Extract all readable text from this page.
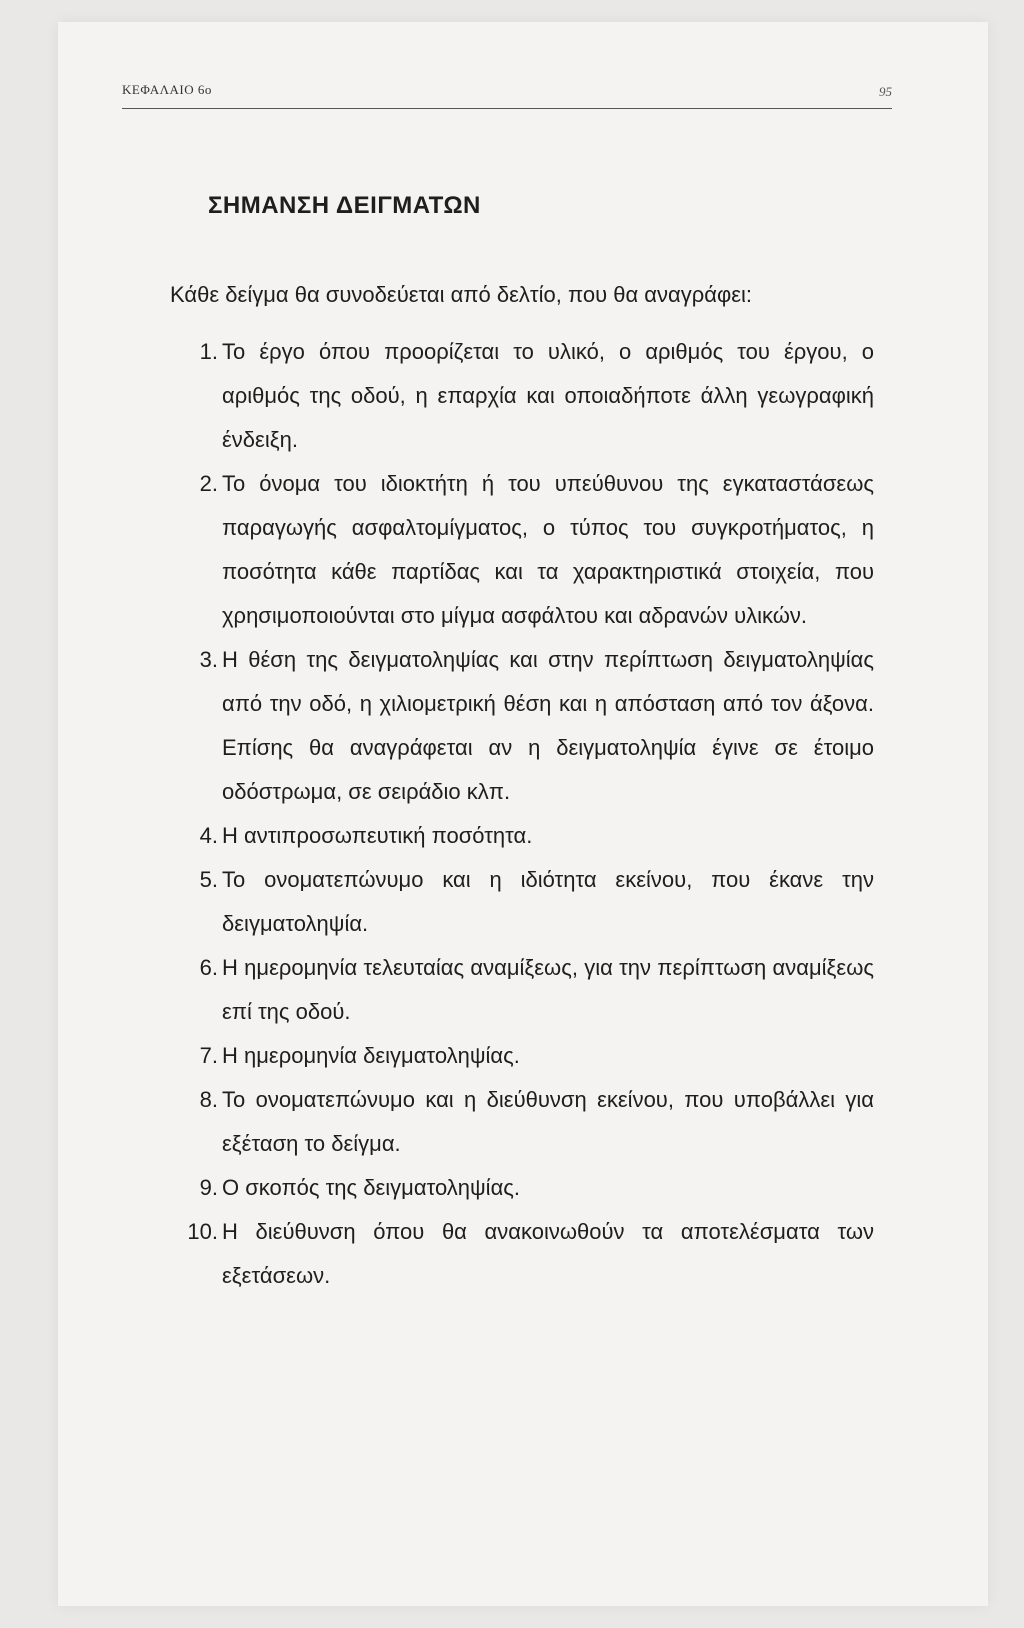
ΚΕΦΑΛΑΙΟ 6ο	95
ΣΗΜΑΝΣΗ ΔΕΙΓΜΑΤΩΝ
Κάθε δείγμα θα συνοδεύεται από δελτίο, που θα αναγράφει:
1. Το έργο όπου προορίζεται το υλικό, ο αριθμός του έργου, ο αριθμός της οδού, η επαρχία και οποιαδήποτε άλλη γεωγραφική ένδειξη.
2. Το όνομα του ιδιοκτήτη ή του υπεύθυνου της εγκαταστάσεως παραγωγής ασφαλτομίγματος, ο τύπος του συγκροτήματος, η ποσότητα κάθε παρτίδας και τα χαρακτηριστικά στοιχεία, που χρησιμοποιούνται στο μίγμα ασφάλτου και αδρανών υλικών.
3. Η θέση της δειγματοληψίας και στην περίπτωση δειγματοληψίας από την οδό, η χιλιομετρική θέση και η απόσταση από τον άξονα. Επίσης θα αναγράφεται αν η δειγματοληψία έγινε σε έτοιμο οδόστρωμα, σε σειράδιο κλπ.
4. Η αντιπροσωπευτική ποσότητα.
5. Το ονοματεπώνυμο και η ιδιότητα εκείνου, που έκανε την δειγματοληψία.
6. Η ημερομηνία τελευταίας αναμίξεως, για την περίπτωση αναμίξεως επί της οδού.
7. Η ημερομηνία δειγματοληψίας.
8. Το ονοματεπώνυμο και η διεύθυνση εκείνου, που υποβάλλει για εξέταση το δείγμα.
9. Ο σκοπός της δειγματοληψίας.
10. Η διεύθυνση όπου θα ανακοινωθούν τα αποτελέσματα των εξετάσεων.
